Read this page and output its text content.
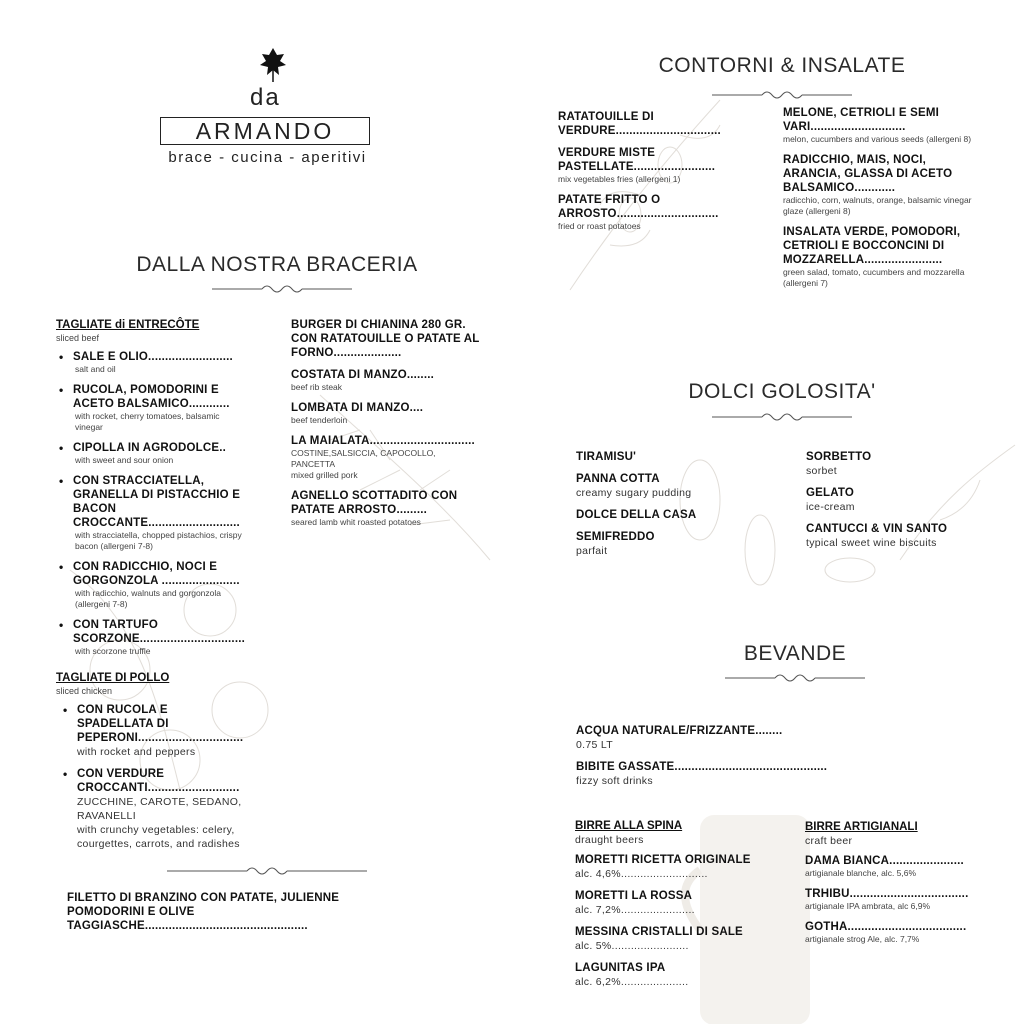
da
ARMANDO
brace - cucina - aperitivi
DALLA NOSTRA BRACERIA
CONTORNI & INSALATE
DOLCI GOLOSITA'
BEVANDE
TAGLIATE di ENTRECÔTE
sliced beef
• SALE E OLIO.........................
salt and oil
• RUCOLA, POMODORINI E ACETO BALSAMICO............
with rocket, cherry tomatoes, balsamic vinegar
• CIPOLLA IN AGRODOLCE..
with sweet and sour onion
• CON STRACCIATELLA, GRANELLA DI PISTACCHIO E BACON CROCCANTE...........................
with stracciatella, chopped pistachios, crispy bacon (allergeni 7-8)
• CON RADICCHIO, NOCI E GORGONZOLA .......................
with radicchio, walnuts and gorgonzola (allergeni 7-8)
• CON TARTUFO SCORZONE...............................
with scorzone truffle
TAGLIATE DI POLLO
sliced chicken
• CON RUCOLA E SPADELLATA DI PEPERONI...............................
with rocket and peppers
• CON VERDURE CROCCANTI...........................
ZUCCHINE, CAROTE, SEDANO, RAVANELLI
with crunchy vegetables: celery, courgettes, carrots, and radishes
FILETTO DI BRANZINO CON PATATE, JULIENNE POMODORINI E OLIVE TAGGIASCHE................................................
BURGER DI CHIANINA 280 GR. CON RATATOUILLE O PATATE AL FORNO....................
COSTATA DI MANZO........
beef rib steak
LOMBATA DI MANZO....
beef tenderloin
LA MAIALATA...............................
COSTINE,SALSICCIA, CAPOCOLLO, PANCETTA
mixed grilled pork
AGNELLO SCOTTADITO CON PATATE ARROSTO.........
seared lamb whit roasted potatoes
RATATOUILLE DI VERDURE...............................
VERDURE MISTE PASTELLATE........................
mix vegetables fries (allergeni 1)
PATATE FRITTO O ARROSTO..............................
fried or roast potatoes
MELONE, CETRIOLI E SEMI VARI............................
melon, cucumbers and various seeds (allergeni 8)
RADICCHIO, MAIS, NOCI, ARANCIA, GLASSA DI ACETO BALSAMICO............
radicchio, corn, walnuts, orange, balsamic vinegar glaze (allergeni 8)
INSALATA VERDE, POMODORI, CETRIOLI E BOCCONCINI DI MOZZARELLA.......................
green salad, tomato, cucumbers and mozzarella (allergeni 7)
TIRAMISU'
PANNA COTTA
creamy sugary pudding
DOLCE DELLA CASA
SEMIFREDDO
parfait
SORBETTO
sorbet
GELATO
ice-cream
CANTUCCI & VIN SANTO
typical sweet wine biscuits
ACQUA NATURALE/FRIZZANTE........
0.75 LT
BIBITE GASSATE.............................................
fizzy soft drinks
BIRRE ALLA SPINA
draught beers
MORETTI RICETTA ORIGINALE
alc. 4,6%...........................
MORETTI LA ROSSA
alc. 7,2%.......................
MESSINA CRISTALLI DI SALE
alc. 5%........................
LAGUNITAS IPA
alc. 6,2%.....................
BIRRE ARTIGIANALI
craft beer
DAMA BIANCA......................
artigianale blanche, alc. 5,6%
TRHIBU...................................
artigianale IPA ambrata, alc 6,9%
GOTHA...................................
artigianale strog Ale, alc. 7,7%
